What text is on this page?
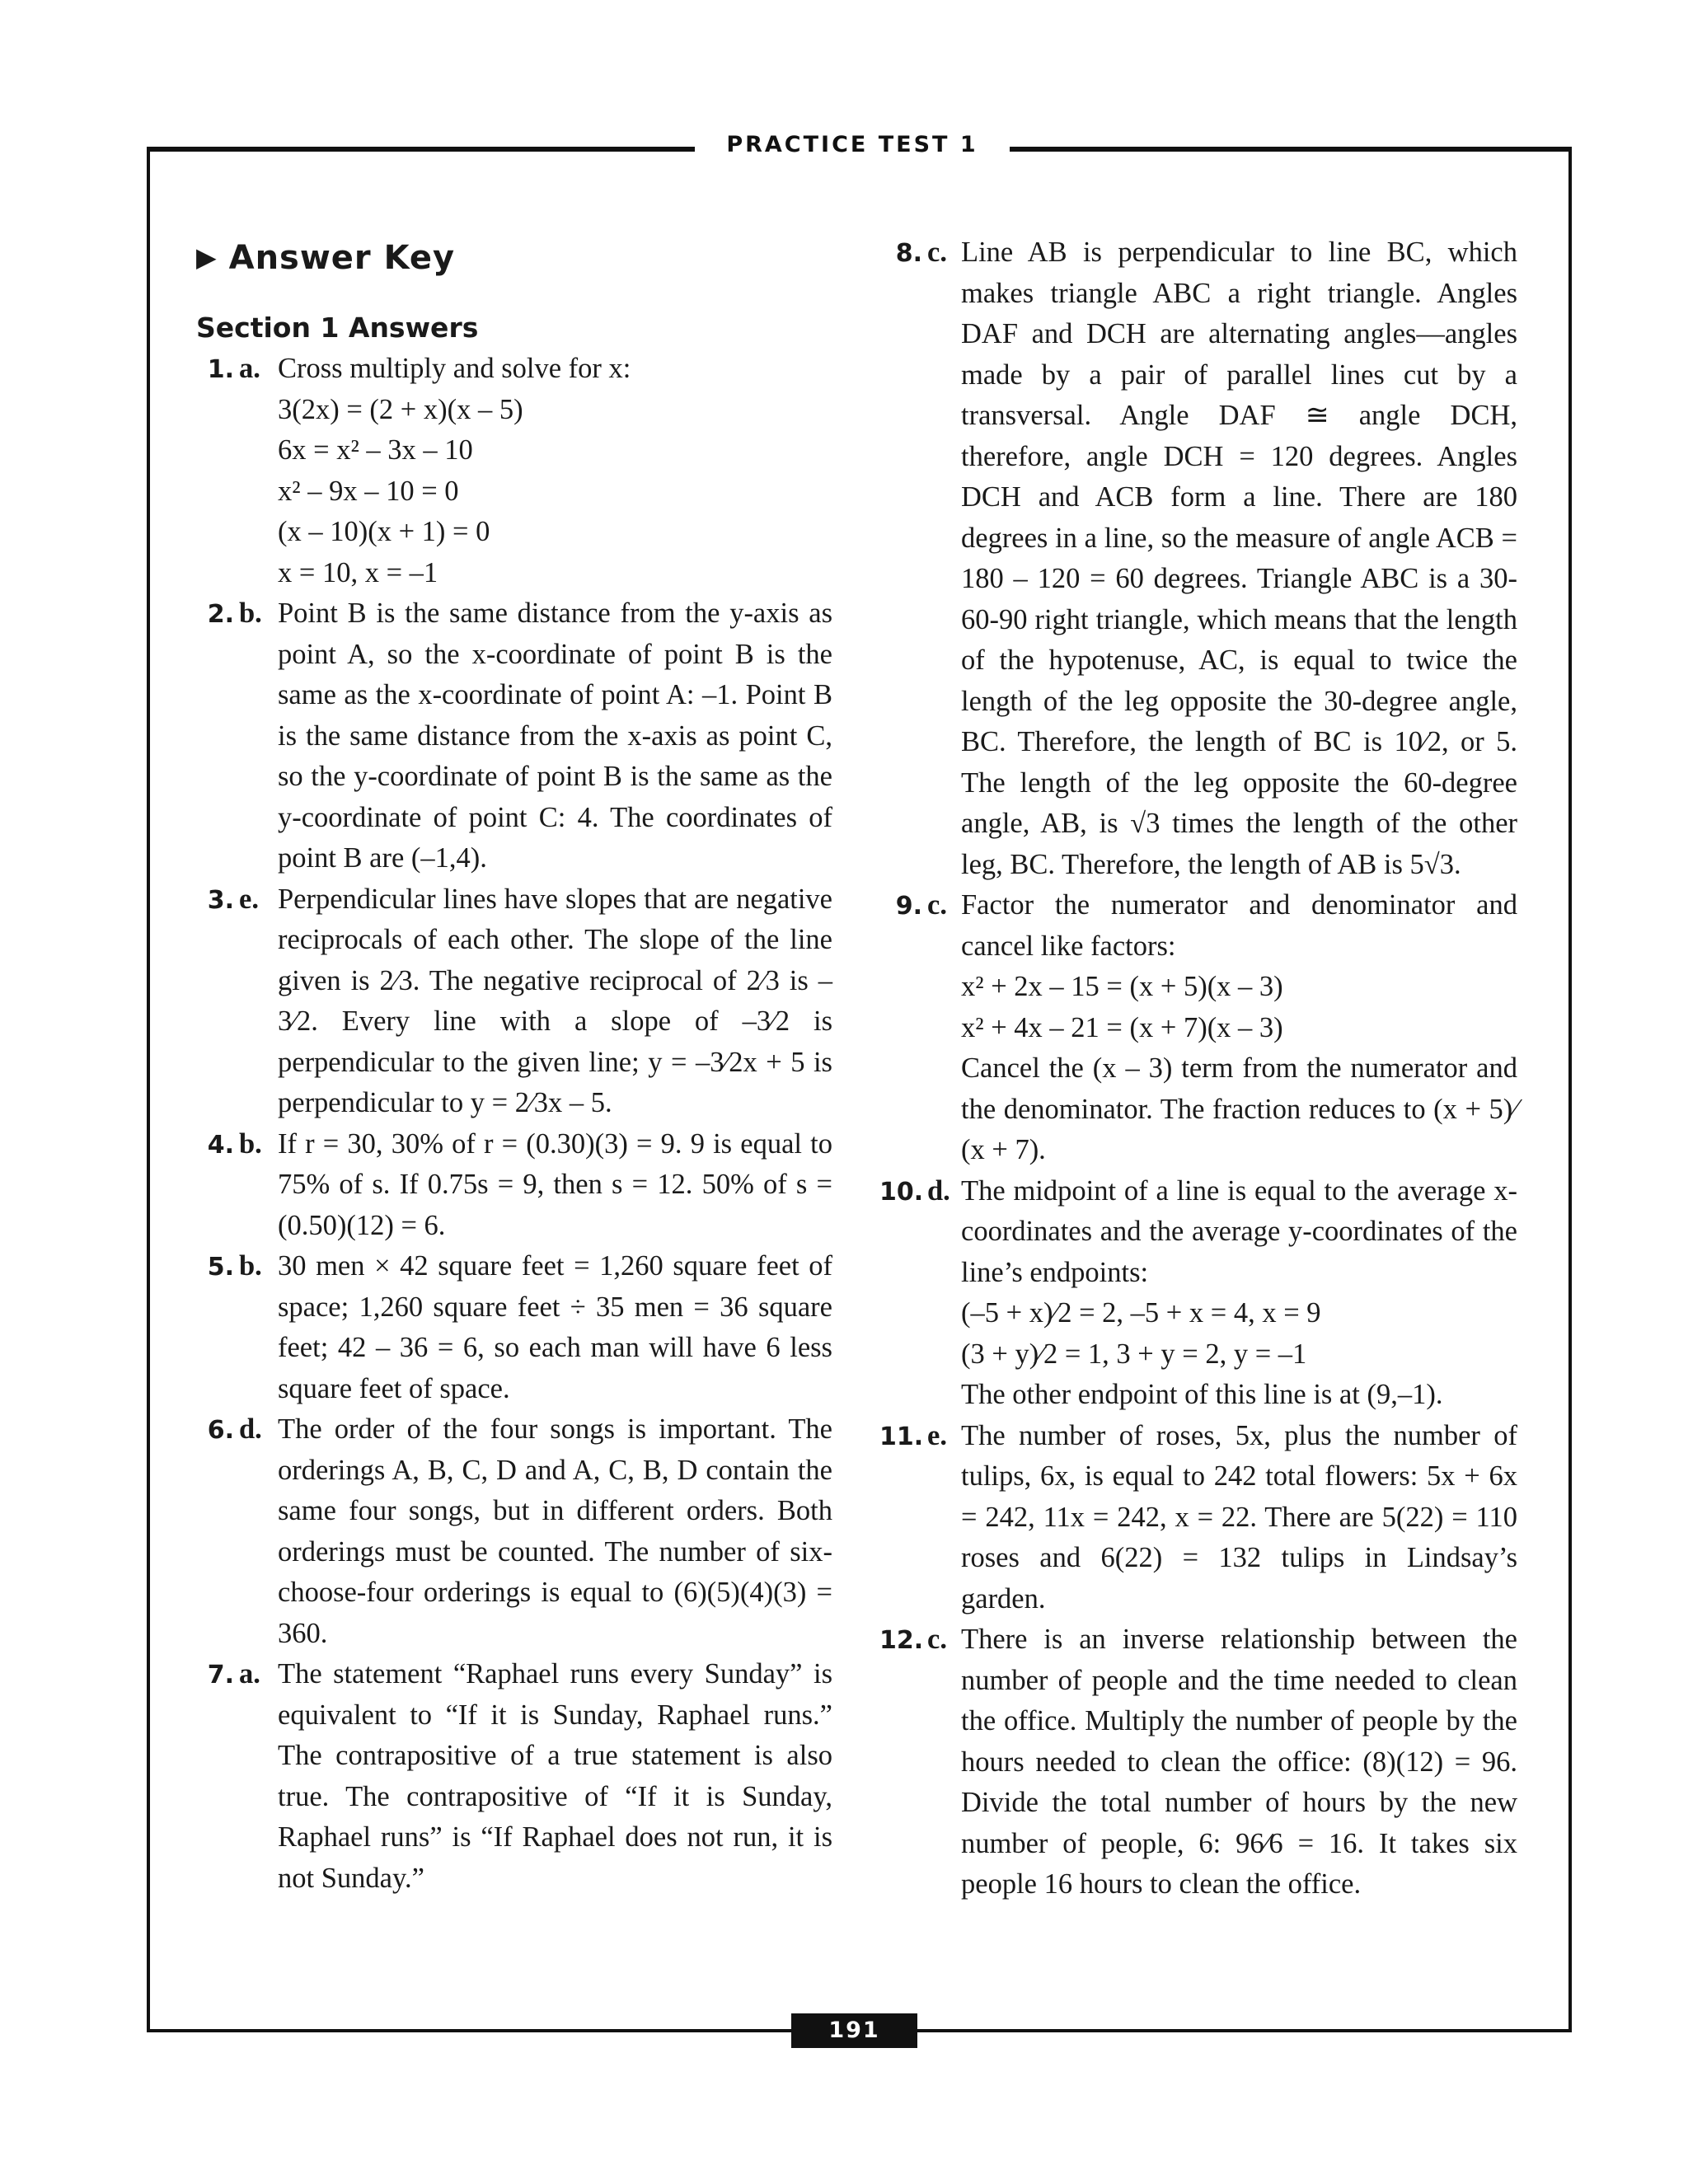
PRACTICE TEST 1
▶ Answer Key
Section 1 Answers
1. a. Cross multiply and solve for x:
3(2x) = (2 + x)(x – 5)
6x = x² – 3x – 10
x² – 9x – 10 = 0
(x – 10)(x + 1) = 0
x = 10, x = –1
2. b. Point B is the same distance from the y-axis as point A, so the x-coordinate of point B is the same as the x-coordinate of point A: –1. Point B is the same distance from the x-axis as point C, so the y-coordinate of point B is the same as the y-coordinate of point C: 4. The coordinates of point B are (–1,4).
3. e. Perpendicular lines have slopes that are negative reciprocals of each other. The slope of the line given is 2⁄3. The negative reciprocal of 2⁄3 is –3⁄2. Every line with a slope of –3⁄2 is perpendicular to the given line; y = –3⁄2x + 5 is perpendicular to y = 2⁄3x – 5.
4. b. If r = 30, 30% of r = (0.30)(3) = 9. 9 is equal to 75% of s. If 0.75s = 9, then s = 12. 50% of s = (0.50)(12) = 6.
5. b. 30 men × 42 square feet = 1,260 square feet of space; 1,260 square feet ÷ 35 men = 36 square feet; 42 – 36 = 6, so each man will have 6 less square feet of space.
6. d. The order of the four songs is important. The orderings A, B, C, D and A, C, B, D contain the same four songs, but in different orders. Both orderings must be counted. The number of six-choose-four orderings is equal to (6)(5)(4)(3) = 360.
7. a. The statement “Raphael runs every Sunday” is equivalent to “If it is Sunday, Raphael runs.” The contrapositive of a true statement is also true. The contrapositive of “If it is Sunday, Raphael runs” is “If Raphael does not run, it is not Sunday.”
8. c. Line AB is perpendicular to line BC, which makes triangle ABC a right triangle. Angles DAF and DCH are alternating angles—angles made by a pair of parallel lines cut by a transversal. Angle DAF ≅ angle DCH, therefore, angle DCH = 120 degrees. Angles DCH and ACB form a line. There are 180 degrees in a line, so the measure of angle ACB = 180 – 120 = 60 degrees. Triangle ABC is a 30-60-90 right triangle, which means that the length of the hypotenuse, AC, is equal to twice the length of the leg opposite the 30-degree angle, BC. Therefore, the length of BC is 10⁄2, or 5. The length of the leg opposite the 60-degree angle, AB, is √3 times the length of the other leg, BC. Therefore, the length of AB is 5√3.
9. c. Factor the numerator and denominator and cancel like factors:
x² + 2x – 15 = (x + 5)(x – 3)
x² + 4x – 21 = (x + 7)(x – 3)
Cancel the (x – 3) term from the numerator and the denominator. The fraction reduces to (x + 5)⁄(x + 7).
10. d. The midpoint of a line is equal to the average x-coordinates and the average y-coordinates of the line’s endpoints:
(–5 + x)⁄2 = 2, –5 + x = 4, x = 9
(3 + y)⁄2 = 1, 3 + y = 2, y = –1
The other endpoint of this line is at (9,–1).
11. e. The number of roses, 5x, plus the number of tulips, 6x, is equal to 242 total flowers: 5x + 6x = 242, 11x = 242, x = 22. There are 5(22) = 110 roses and 6(22) = 132 tulips in Lindsay’s garden.
12. c. There is an inverse relationship between the number of people and the time needed to clean the office. Multiply the number of people by the hours needed to clean the office: (8)(12) = 96. Divide the total number of hours by the new number of people, 6: 96⁄6 = 16. It takes six people 16 hours to clean the office.
191
